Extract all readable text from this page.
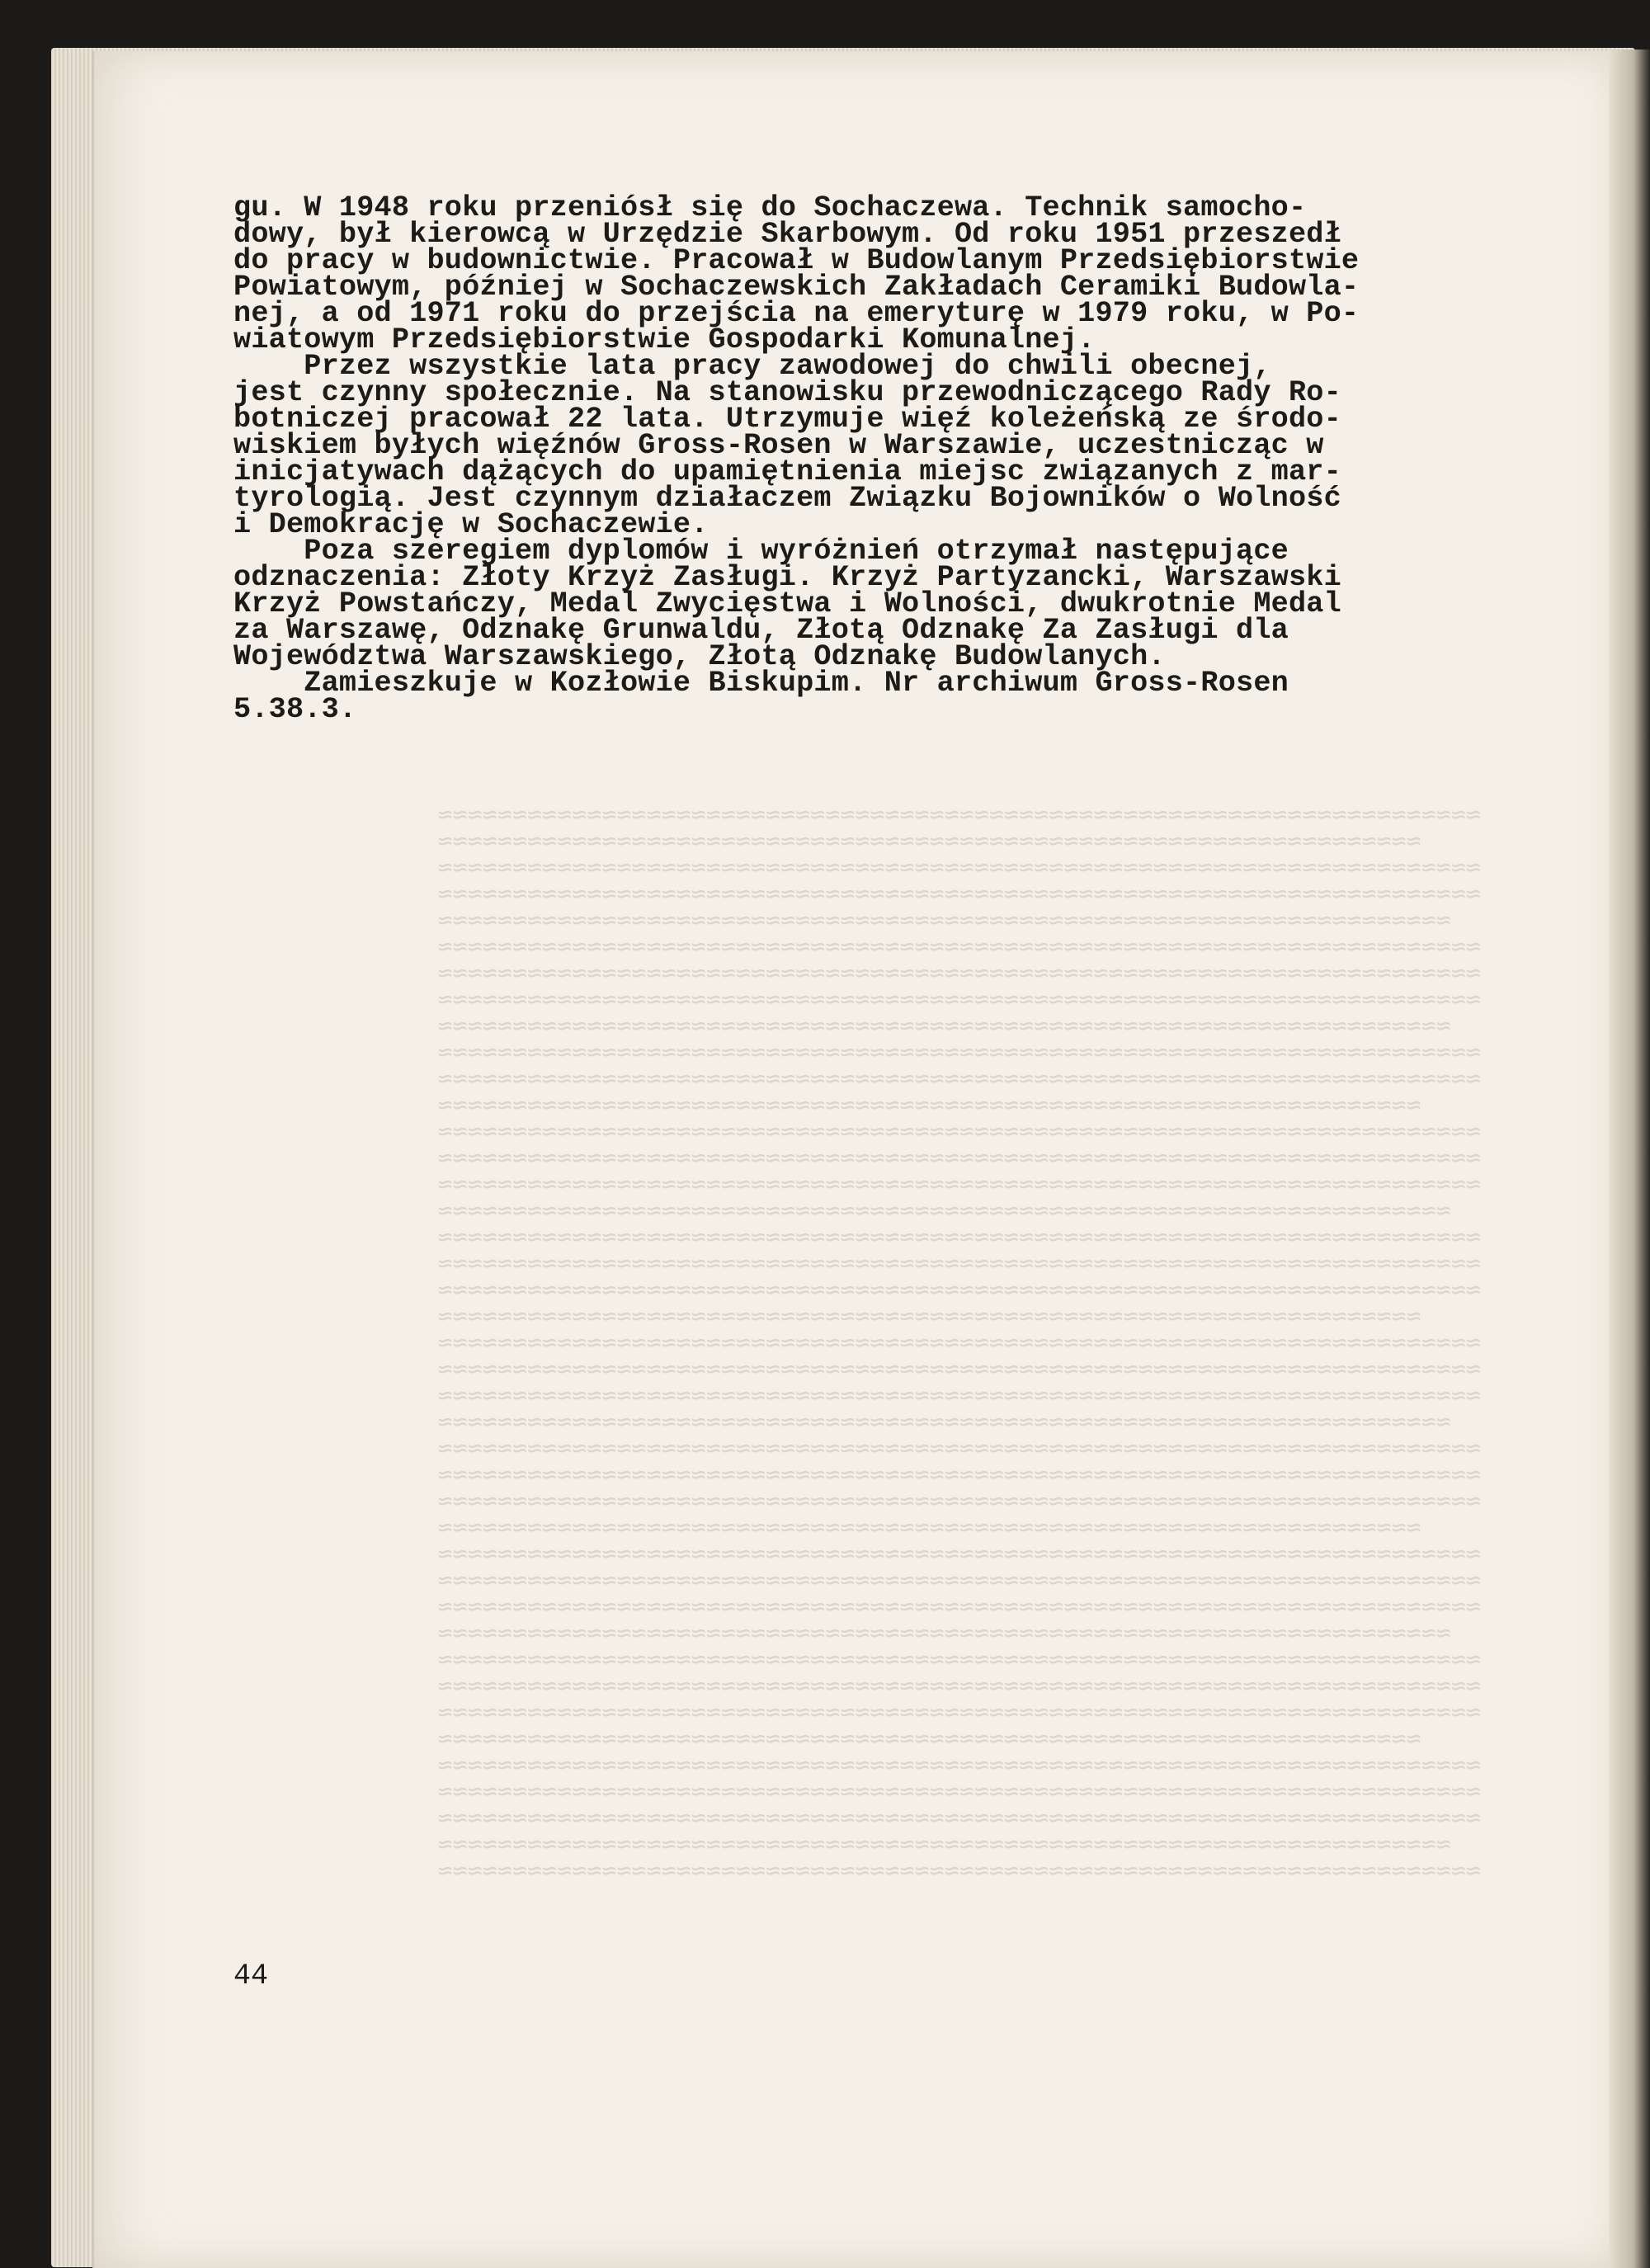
≈≈≈≈≈≈≈≈≈≈≈≈≈≈≈≈≈≈≈≈≈≈≈≈≈≈≈≈≈≈≈≈≈≈≈≈≈≈≈≈≈≈≈≈≈≈≈≈≈≈≈≈≈≈≈≈≈≈≈≈≈≈≈≈≈≈≈≈≈≈
≈≈≈≈≈≈≈≈≈≈≈≈≈≈≈≈≈≈≈≈≈≈≈≈≈≈≈≈≈≈≈≈≈≈≈≈≈≈≈≈≈≈≈≈≈≈≈≈≈≈≈≈≈≈≈≈≈≈≈≈≈≈≈≈≈≈
≈≈≈≈≈≈≈≈≈≈≈≈≈≈≈≈≈≈≈≈≈≈≈≈≈≈≈≈≈≈≈≈≈≈≈≈≈≈≈≈≈≈≈≈≈≈≈≈≈≈≈≈≈≈≈≈≈≈≈≈≈≈≈≈≈≈≈≈≈≈
≈≈≈≈≈≈≈≈≈≈≈≈≈≈≈≈≈≈≈≈≈≈≈≈≈≈≈≈≈≈≈≈≈≈≈≈≈≈≈≈≈≈≈≈≈≈≈≈≈≈≈≈≈≈≈≈≈≈≈≈≈≈≈≈≈≈≈≈≈≈
≈≈≈≈≈≈≈≈≈≈≈≈≈≈≈≈≈≈≈≈≈≈≈≈≈≈≈≈≈≈≈≈≈≈≈≈≈≈≈≈≈≈≈≈≈≈≈≈≈≈≈≈≈≈≈≈≈≈≈≈≈≈≈≈≈≈≈≈
≈≈≈≈≈≈≈≈≈≈≈≈≈≈≈≈≈≈≈≈≈≈≈≈≈≈≈≈≈≈≈≈≈≈≈≈≈≈≈≈≈≈≈≈≈≈≈≈≈≈≈≈≈≈≈≈≈≈≈≈≈≈≈≈≈≈≈≈≈≈
≈≈≈≈≈≈≈≈≈≈≈≈≈≈≈≈≈≈≈≈≈≈≈≈≈≈≈≈≈≈≈≈≈≈≈≈≈≈≈≈≈≈≈≈≈≈≈≈≈≈≈≈≈≈≈≈≈≈≈≈≈≈≈≈≈≈≈≈≈≈
≈≈≈≈≈≈≈≈≈≈≈≈≈≈≈≈≈≈≈≈≈≈≈≈≈≈≈≈≈≈≈≈≈≈≈≈≈≈≈≈≈≈≈≈≈≈≈≈≈≈≈≈≈≈≈≈≈≈≈≈≈≈≈≈≈≈≈≈≈≈
≈≈≈≈≈≈≈≈≈≈≈≈≈≈≈≈≈≈≈≈≈≈≈≈≈≈≈≈≈≈≈≈≈≈≈≈≈≈≈≈≈≈≈≈≈≈≈≈≈≈≈≈≈≈≈≈≈≈≈≈≈≈≈≈≈≈≈≈
≈≈≈≈≈≈≈≈≈≈≈≈≈≈≈≈≈≈≈≈≈≈≈≈≈≈≈≈≈≈≈≈≈≈≈≈≈≈≈≈≈≈≈≈≈≈≈≈≈≈≈≈≈≈≈≈≈≈≈≈≈≈≈≈≈≈≈≈≈≈
≈≈≈≈≈≈≈≈≈≈≈≈≈≈≈≈≈≈≈≈≈≈≈≈≈≈≈≈≈≈≈≈≈≈≈≈≈≈≈≈≈≈≈≈≈≈≈≈≈≈≈≈≈≈≈≈≈≈≈≈≈≈≈≈≈≈≈≈≈≈
≈≈≈≈≈≈≈≈≈≈≈≈≈≈≈≈≈≈≈≈≈≈≈≈≈≈≈≈≈≈≈≈≈≈≈≈≈≈≈≈≈≈≈≈≈≈≈≈≈≈≈≈≈≈≈≈≈≈≈≈≈≈≈≈≈≈
≈≈≈≈≈≈≈≈≈≈≈≈≈≈≈≈≈≈≈≈≈≈≈≈≈≈≈≈≈≈≈≈≈≈≈≈≈≈≈≈≈≈≈≈≈≈≈≈≈≈≈≈≈≈≈≈≈≈≈≈≈≈≈≈≈≈≈≈≈≈
≈≈≈≈≈≈≈≈≈≈≈≈≈≈≈≈≈≈≈≈≈≈≈≈≈≈≈≈≈≈≈≈≈≈≈≈≈≈≈≈≈≈≈≈≈≈≈≈≈≈≈≈≈≈≈≈≈≈≈≈≈≈≈≈≈≈≈≈≈≈
≈≈≈≈≈≈≈≈≈≈≈≈≈≈≈≈≈≈≈≈≈≈≈≈≈≈≈≈≈≈≈≈≈≈≈≈≈≈≈≈≈≈≈≈≈≈≈≈≈≈≈≈≈≈≈≈≈≈≈≈≈≈≈≈≈≈≈≈≈≈
≈≈≈≈≈≈≈≈≈≈≈≈≈≈≈≈≈≈≈≈≈≈≈≈≈≈≈≈≈≈≈≈≈≈≈≈≈≈≈≈≈≈≈≈≈≈≈≈≈≈≈≈≈≈≈≈≈≈≈≈≈≈≈≈≈≈≈≈
≈≈≈≈≈≈≈≈≈≈≈≈≈≈≈≈≈≈≈≈≈≈≈≈≈≈≈≈≈≈≈≈≈≈≈≈≈≈≈≈≈≈≈≈≈≈≈≈≈≈≈≈≈≈≈≈≈≈≈≈≈≈≈≈≈≈≈≈≈≈
≈≈≈≈≈≈≈≈≈≈≈≈≈≈≈≈≈≈≈≈≈≈≈≈≈≈≈≈≈≈≈≈≈≈≈≈≈≈≈≈≈≈≈≈≈≈≈≈≈≈≈≈≈≈≈≈≈≈≈≈≈≈≈≈≈≈≈≈≈≈
≈≈≈≈≈≈≈≈≈≈≈≈≈≈≈≈≈≈≈≈≈≈≈≈≈≈≈≈≈≈≈≈≈≈≈≈≈≈≈≈≈≈≈≈≈≈≈≈≈≈≈≈≈≈≈≈≈≈≈≈≈≈≈≈≈≈≈≈≈≈
≈≈≈≈≈≈≈≈≈≈≈≈≈≈≈≈≈≈≈≈≈≈≈≈≈≈≈≈≈≈≈≈≈≈≈≈≈≈≈≈≈≈≈≈≈≈≈≈≈≈≈≈≈≈≈≈≈≈≈≈≈≈≈≈≈≈
≈≈≈≈≈≈≈≈≈≈≈≈≈≈≈≈≈≈≈≈≈≈≈≈≈≈≈≈≈≈≈≈≈≈≈≈≈≈≈≈≈≈≈≈≈≈≈≈≈≈≈≈≈≈≈≈≈≈≈≈≈≈≈≈≈≈≈≈≈≈
≈≈≈≈≈≈≈≈≈≈≈≈≈≈≈≈≈≈≈≈≈≈≈≈≈≈≈≈≈≈≈≈≈≈≈≈≈≈≈≈≈≈≈≈≈≈≈≈≈≈≈≈≈≈≈≈≈≈≈≈≈≈≈≈≈≈≈≈≈≈
≈≈≈≈≈≈≈≈≈≈≈≈≈≈≈≈≈≈≈≈≈≈≈≈≈≈≈≈≈≈≈≈≈≈≈≈≈≈≈≈≈≈≈≈≈≈≈≈≈≈≈≈≈≈≈≈≈≈≈≈≈≈≈≈≈≈≈≈≈≈
≈≈≈≈≈≈≈≈≈≈≈≈≈≈≈≈≈≈≈≈≈≈≈≈≈≈≈≈≈≈≈≈≈≈≈≈≈≈≈≈≈≈≈≈≈≈≈≈≈≈≈≈≈≈≈≈≈≈≈≈≈≈≈≈≈≈≈≈
≈≈≈≈≈≈≈≈≈≈≈≈≈≈≈≈≈≈≈≈≈≈≈≈≈≈≈≈≈≈≈≈≈≈≈≈≈≈≈≈≈≈≈≈≈≈≈≈≈≈≈≈≈≈≈≈≈≈≈≈≈≈≈≈≈≈≈≈≈≈
≈≈≈≈≈≈≈≈≈≈≈≈≈≈≈≈≈≈≈≈≈≈≈≈≈≈≈≈≈≈≈≈≈≈≈≈≈≈≈≈≈≈≈≈≈≈≈≈≈≈≈≈≈≈≈≈≈≈≈≈≈≈≈≈≈≈≈≈≈≈
≈≈≈≈≈≈≈≈≈≈≈≈≈≈≈≈≈≈≈≈≈≈≈≈≈≈≈≈≈≈≈≈≈≈≈≈≈≈≈≈≈≈≈≈≈≈≈≈≈≈≈≈≈≈≈≈≈≈≈≈≈≈≈≈≈≈≈≈≈≈
≈≈≈≈≈≈≈≈≈≈≈≈≈≈≈≈≈≈≈≈≈≈≈≈≈≈≈≈≈≈≈≈≈≈≈≈≈≈≈≈≈≈≈≈≈≈≈≈≈≈≈≈≈≈≈≈≈≈≈≈≈≈≈≈≈≈
≈≈≈≈≈≈≈≈≈≈≈≈≈≈≈≈≈≈≈≈≈≈≈≈≈≈≈≈≈≈≈≈≈≈≈≈≈≈≈≈≈≈≈≈≈≈≈≈≈≈≈≈≈≈≈≈≈≈≈≈≈≈≈≈≈≈≈≈≈≈
≈≈≈≈≈≈≈≈≈≈≈≈≈≈≈≈≈≈≈≈≈≈≈≈≈≈≈≈≈≈≈≈≈≈≈≈≈≈≈≈≈≈≈≈≈≈≈≈≈≈≈≈≈≈≈≈≈≈≈≈≈≈≈≈≈≈≈≈≈≈
≈≈≈≈≈≈≈≈≈≈≈≈≈≈≈≈≈≈≈≈≈≈≈≈≈≈≈≈≈≈≈≈≈≈≈≈≈≈≈≈≈≈≈≈≈≈≈≈≈≈≈≈≈≈≈≈≈≈≈≈≈≈≈≈≈≈≈≈≈≈
≈≈≈≈≈≈≈≈≈≈≈≈≈≈≈≈≈≈≈≈≈≈≈≈≈≈≈≈≈≈≈≈≈≈≈≈≈≈≈≈≈≈≈≈≈≈≈≈≈≈≈≈≈≈≈≈≈≈≈≈≈≈≈≈≈≈≈≈
≈≈≈≈≈≈≈≈≈≈≈≈≈≈≈≈≈≈≈≈≈≈≈≈≈≈≈≈≈≈≈≈≈≈≈≈≈≈≈≈≈≈≈≈≈≈≈≈≈≈≈≈≈≈≈≈≈≈≈≈≈≈≈≈≈≈≈≈≈≈
≈≈≈≈≈≈≈≈≈≈≈≈≈≈≈≈≈≈≈≈≈≈≈≈≈≈≈≈≈≈≈≈≈≈≈≈≈≈≈≈≈≈≈≈≈≈≈≈≈≈≈≈≈≈≈≈≈≈≈≈≈≈≈≈≈≈≈≈≈≈
≈≈≈≈≈≈≈≈≈≈≈≈≈≈≈≈≈≈≈≈≈≈≈≈≈≈≈≈≈≈≈≈≈≈≈≈≈≈≈≈≈≈≈≈≈≈≈≈≈≈≈≈≈≈≈≈≈≈≈≈≈≈≈≈≈≈≈≈≈≈
≈≈≈≈≈≈≈≈≈≈≈≈≈≈≈≈≈≈≈≈≈≈≈≈≈≈≈≈≈≈≈≈≈≈≈≈≈≈≈≈≈≈≈≈≈≈≈≈≈≈≈≈≈≈≈≈≈≈≈≈≈≈≈≈≈≈
≈≈≈≈≈≈≈≈≈≈≈≈≈≈≈≈≈≈≈≈≈≈≈≈≈≈≈≈≈≈≈≈≈≈≈≈≈≈≈≈≈≈≈≈≈≈≈≈≈≈≈≈≈≈≈≈≈≈≈≈≈≈≈≈≈≈≈≈≈≈
≈≈≈≈≈≈≈≈≈≈≈≈≈≈≈≈≈≈≈≈≈≈≈≈≈≈≈≈≈≈≈≈≈≈≈≈≈≈≈≈≈≈≈≈≈≈≈≈≈≈≈≈≈≈≈≈≈≈≈≈≈≈≈≈≈≈≈≈≈≈
≈≈≈≈≈≈≈≈≈≈≈≈≈≈≈≈≈≈≈≈≈≈≈≈≈≈≈≈≈≈≈≈≈≈≈≈≈≈≈≈≈≈≈≈≈≈≈≈≈≈≈≈≈≈≈≈≈≈≈≈≈≈≈≈≈≈≈≈≈≈
≈≈≈≈≈≈≈≈≈≈≈≈≈≈≈≈≈≈≈≈≈≈≈≈≈≈≈≈≈≈≈≈≈≈≈≈≈≈≈≈≈≈≈≈≈≈≈≈≈≈≈≈≈≈≈≈≈≈≈≈≈≈≈≈≈≈≈≈
≈≈≈≈≈≈≈≈≈≈≈≈≈≈≈≈≈≈≈≈≈≈≈≈≈≈≈≈≈≈≈≈≈≈≈≈≈≈≈≈≈≈≈≈≈≈≈≈≈≈≈≈≈≈≈≈≈≈≈≈≈≈≈≈≈≈≈≈≈≈

gu. W 1948 roku przeniósł się do Sochaczewa. Technik samocho-
dowy, był kierowcą w Urzędzie Skarbowym. Od roku 1951 przeszedł
do pracy w budownictwie. Pracował w Budowlanym Przedsiębiorstwie
Powiatowym, później w Sochaczewskich Zakładach Ceramiki Budowla-
nej, a od 1971 roku do przejścia na emeryturę w 1979 roku, w Po-
wiatowym Przedsiębiorstwie Gospodarki Komunalnej.
Przez wszystkie lata pracy zawodowej do chwili obecnej,
jest czynny społecznie. Na stanowisku przewodniczącego Rady Ro-
botniczej pracował 22 lata. Utrzymuje więź koleżeńską ze środo-
wiskiem byłych więźnów Gross-Rosen w Warszawie, uczestnicząc w
inicjatywach dążących do upamiętnienia miejsc związanych z mar-
tyrologią. Jest czynnym działaczem Związku Bojowników o Wolność
i Demokrację w Sochaczewie.
Poza szeregiem dyplomów i wyróżnień otrzymał następujące
odznaczenia: Złoty Krzyż Zasługi. Krzyż Partyzancki, Warszawski
Krzyż Powstańczy, Medal Zwycięstwa i Wolności, dwukrotnie Medal
za Warszawę, Odznakę Grunwaldu, Złotą Odznakę Za Zasługi dla
Województwa Warszawskiego, Złotą Odznakę Budowlanych.
Zamieszkuje w Kozłowie Biskupim. Nr archiwum Gross-Rosen
5.38.3.
44
